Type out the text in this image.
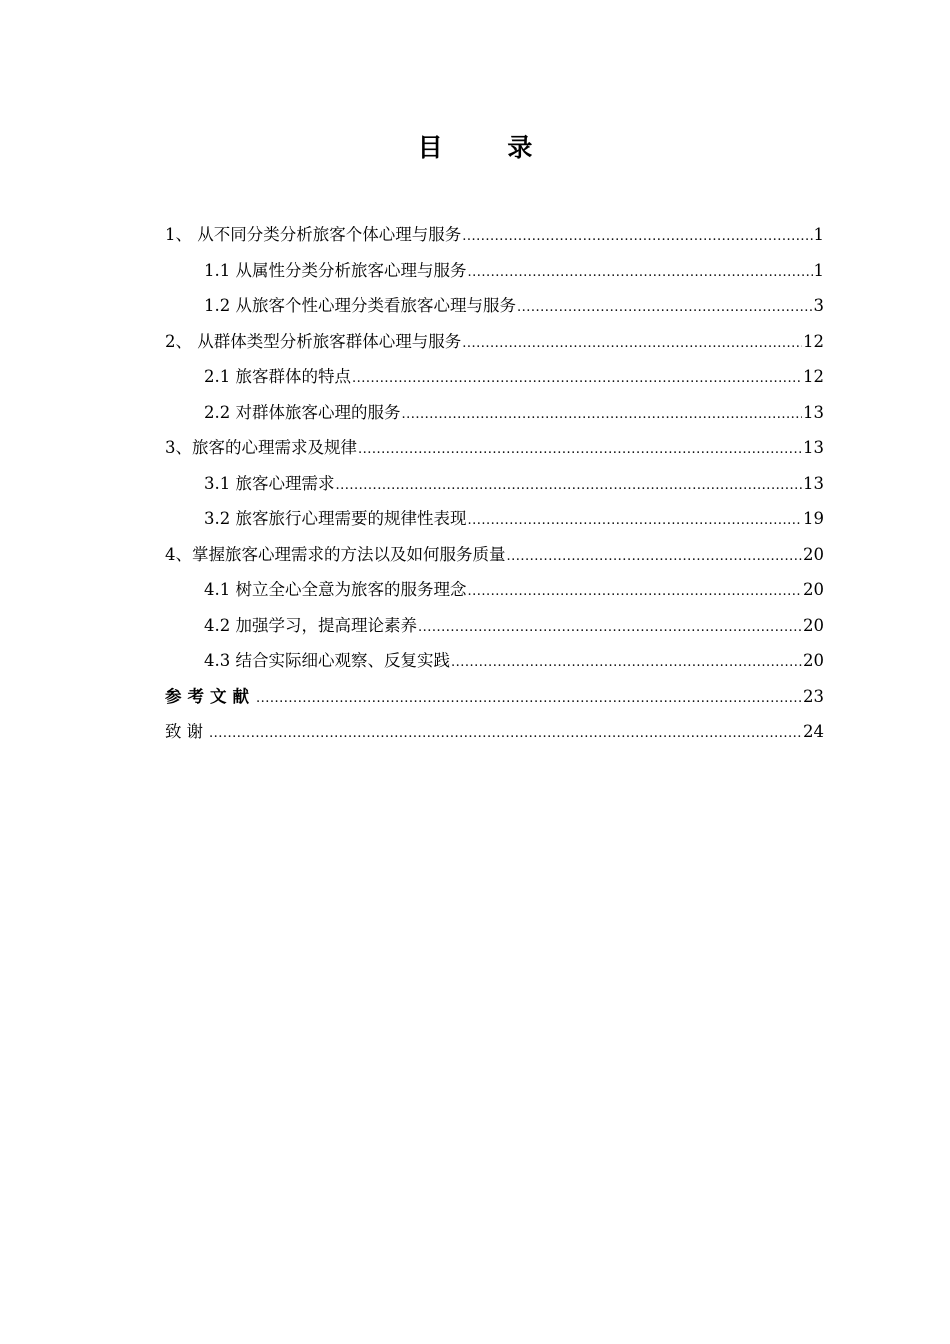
目 录
1、 从不同分类分析旅客个体心理与服务 .....	1
1.1 从属性分类分析旅客心理与服务 .....	1
1.2 从旅客个性心理分类看旅客心理与服务 .....	3
2、 从群体类型分析旅客群体心理与服务 .....	12
2.1 旅客群体的特点 .....	12
2.2 对群体旅客心理的服务 .....	13
3、旅客的心理需求及规律 .....	13
3.1 旅客心理需求 .....	13
3.2 旅客旅行心理需要的规律性表现 .....	19
4、掌握旅客心理需求的方法以及如何服务质量 .....	20
4.1 树立全心全意为旅客的服务理念 .....	20
4.2 加强学习，提高理论素养 .....	20
4.3 结合实际细心观察、反复实践 .....	20
参考文献 .....	23
致谢 .....	24
